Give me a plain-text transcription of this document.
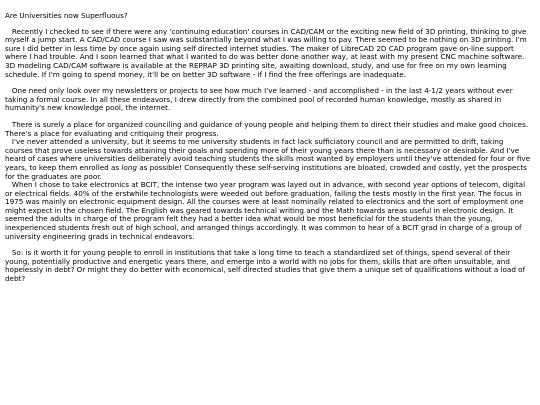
Are Universities now Superfluous?

Recently I checked to see if there were any 'continuing education' courses in CAD/CAM or the exciting new field of 3D printing, thinking to give myself a jump start. A CAD/CAD course I saw was substantially beyond what I was willing to pay. There seemed to be nothing on 3D printing. I'm sure I did better in less time by once again using self directed internet studies. The maker of LibreCAD 2D CAD program gave on-line support where I had trouble. And I soon learned that what I wanted to do was better done another way, at least with my present CNC machine software. 3D modeling CAD/CAM software is available at the REPRAP 3D printing site, awaiting download, study, and use for free on my own learning schedule. If I'm going to spend money, it'll be on better 3D software - if I find the free offerings are inadequate.

One need only look over my newsletters or projects to see how much I've learned - and accomplished - in the last 4-1/2 years without ever taking a formal course. In all these endeavors, I drew directly from the combined pool of recorded human knowledge, mostly as shared in humanity's new knowledge pool, the internet.

There is surely a place for organized counciling and guidance of young people and helping them to direct their studies and make good choices. There's a place for evaluating and critiquing their progress.

I've never attended a university, but it seems to me university students in fact lack sufficiatory council and are permitted to drift, taking courses that prove useless towards attaining their goals and spending more of their young years there than is necessary or desirable. And I've heard of cases where universities deliberately avoid teaching students the skills most wanted by employers until they've attended for four or five years, to keep them enrolled as long as possible! Consequently these self-serving institutions are bloated, crowded and costly, yet the prospects for the graduates are poor.

When I chose to take electronics at BCIT, the intense two year program was layed out in advance, with second year options of telecom, digital or electrical fields. 40% of the erstwhile technologists were weeded out before graduation, failing the tests mostly in the first year. The focus in 1975 was mainly on electronic equipment design. All the courses were at least nominally related to electronics and the sort of employment one might expect in the chosen field. The English was geared towards technical writing and the Math towards areas useful in electronic design. It seemed the adults in charge of the program felt they had a better idea what would be most beneficial for the students than the young, inexperienced students fresh out of high school, and arranged things accordingly. It was common to hear of a BCIT grad in charge of a group of university engineering grads in technical endeavors.

So: is it worth it for young people to enroll in institutions that take a long time to teach a standardized set of things, spend several of their young, potentially productive and energetic years there, and emerge into a world with no jobs for them, skills that are often unsuitable, and hopelessly in debt? Or might they do better with economical, self directed studies that give them a unique set of qualifications without a load of debt?
